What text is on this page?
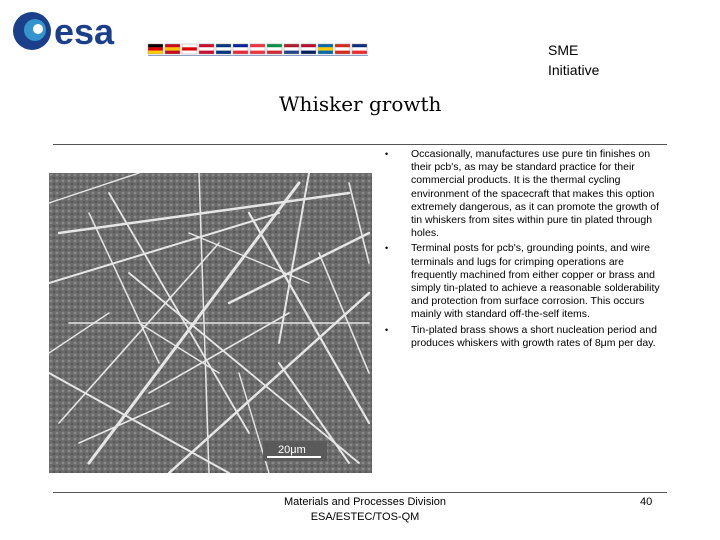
esa	SME
Initiative
Whisker growth
20μm
• Occasionally, manufactures use pure tin finishes on their pcb's, as may be standard practice for their commercial products. It is the thermal cycling environment of the spacecraft that makes this option extremely dangerous, as it can promote the growth of tin whiskers from sites within pure tin plated through holes.
• Terminal posts for pcb's, grounding points, and wire terminals and lugs for crimping operations are frequently machined from either copper or brass and simply tin-plated to achieve a reasonable solderability and protection from surface corrosion. This occurs mainly with standard off-the-self items.
• Tin-plated brass shows a short nucleation period and produces whiskers with growth rates of 8μm per day.
Materials and Processes Division
ESA/ESTEC/TOS-QM
40
